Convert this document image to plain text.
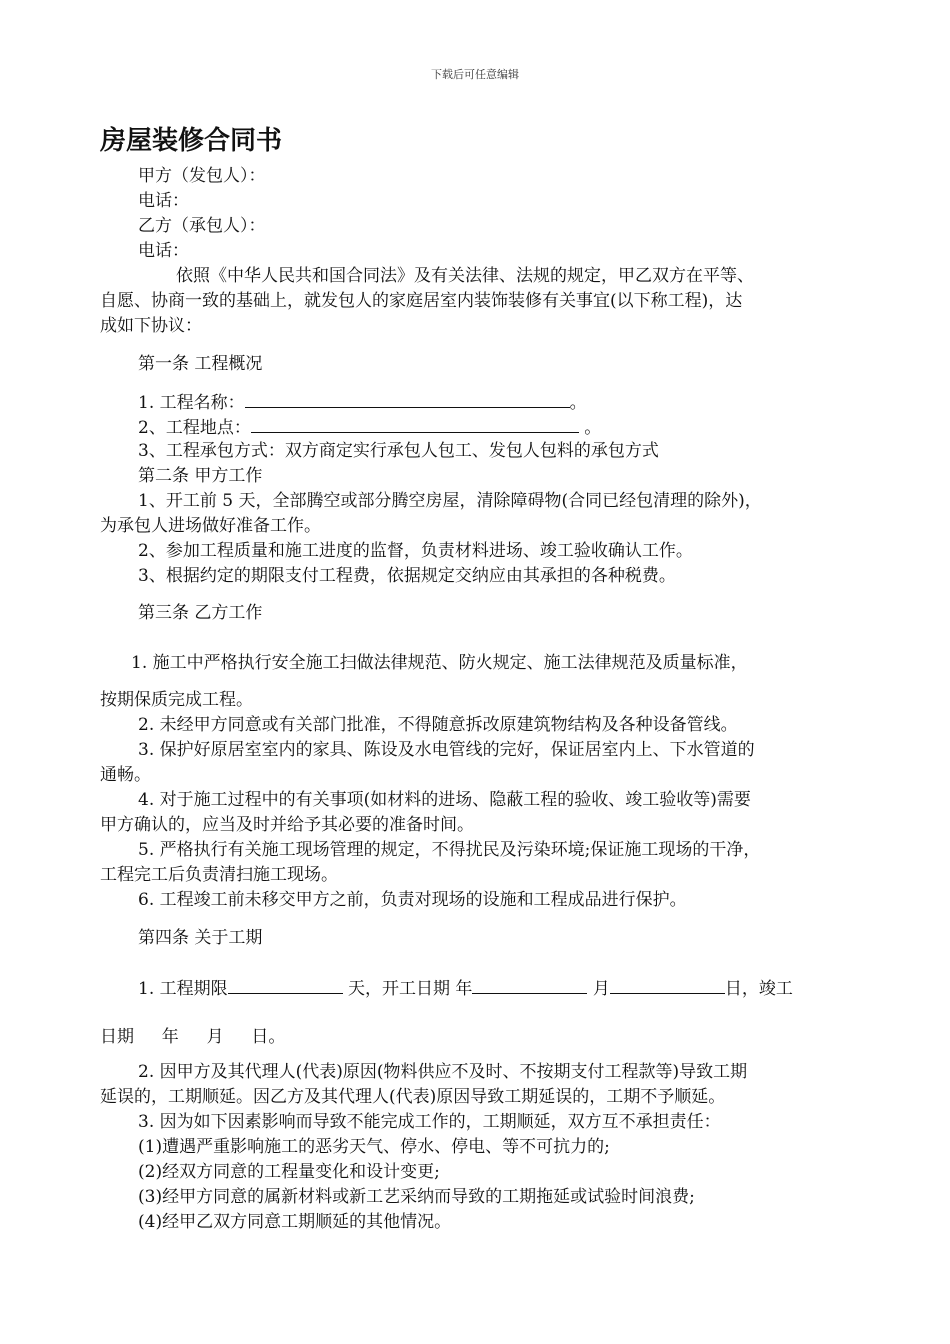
下载后可任意编辑
房屋装修合同书
甲方（发包人）：
电话：
乙方（承包人）：
电话：
依照《中华人民共和国合同法》及有关法律、法规的规定，甲乙双方在平等、
自愿、协商一致的基础上，就发包人的家庭居室内装饰装修有关事宜(以下称工程)，达
成如下协议：
第一条 工程概况
1. 工程名称：	。
2、工程地点：	。
3、工程承包方式：双方商定实行承包人包工、发包人包料的承包方式
第二条 甲方工作
1、开工前 5 天，全部腾空或部分腾空房屋，清除障碍物(合同已经包清理的除外)，
为承包人进场做好准备工作。
2、参加工程质量和施工进度的监督，负责材料进场、竣工验收确认工作。
3、根据约定的期限支付工程费，依据规定交纳应由其承担的各种税费。
第三条 乙方工作
1. 施工中严格执行安全施工扫做法律规范、防火规定、施工法律规范及质量标准，
按期保质完成工程。
2. 未经甲方同意或有关部门批准，不得随意拆改原建筑物结构及各种设备管线。
3. 保护好原居室室内的家具、陈设及水电管线的完好，保证居室内上、下水管道的
通畅。
4. 对于施工过程中的有关事项(如材料的进场、隐蔽工程的验收、竣工验收等)需要
甲方确认的，应当及时并给予其必要的准备时间。
5. 严格执行有关施工现场管理的规定，不得扰民及污染环境;保证施工现场的干净，
工程完工后负责清扫施工现场。
6. 工程竣工前未移交甲方之前，负责对现场的设施和工程成品进行保护。
第四条 关于工期
1. 工程期限	天，开工日期 年	月	日，竣工
日期　  年　  月　  日。
2. 因甲方及其代理人(代表)原因(物料供应不及时、不按期支付工程款等)导致工期
延误的，工期顺延。因乙方及其代理人(代表)原因导致工期延误的，工期不予顺延。
3. 因为如下因素影响而导致不能完成工作的，工期顺延，双方互不承担责任：
(1)遭遇严重影响施工的恶劣天气、停水、停电、等不可抗力的;
(2)经双方同意的工程量变化和设计变更;
(3)经甲方同意的属新材料或新工艺采纳而导致的工期拖延或试验时间浪费;
(4)经甲乙双方同意工期顺延的其他情况。
